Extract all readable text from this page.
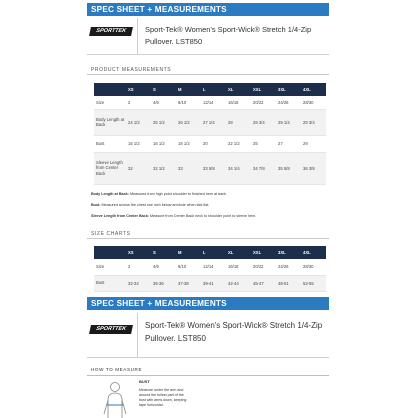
SPEC SHEET + MEASUREMENTS
SPORTTEK	Sport-Tek® Women's Sport-Wick® Stretch 1/4-Zip Pullover. LST850
PRODUCT MEASUREMENTS
	XS	S	M	L	XL	XXL	3XL	4XL
Size	2	4/6	8/10	12/14	16/18	20/22	24/26	28/30
Body Length at Back	24 1/2	25 1/2	26 1/2	27 1/4	28	28 3/4	29 1/4	29 3/4
Bust	15 1/2	16 1/2	18 1/2	20	22 1/2	25	27	29
Sleeve Length from Center Back	32	32 1/2	33	33 5/8	34 1/4	34 7/8	35 5/8	36 3/8

Body Length at Back: Measured from high point shoulder to finished hem at back.

Bust: Measured across the chest one inch below armhole when laid flat.

Sleeve Length from Center Back: Measure from Center Back neck to shoulder point to sleeve hem.

SIZE CHARTS
	XS	S	M	L	XL	XXL	3XL	4XL
Size	2	4/6	8/10	12/14	16/18	20/22	24/26	28/30
Bust	32-34	35-36	37-38	39-41	42-44	45-47	48-51	52-55
SPEC SHEET + MEASUREMENTS
SPORTTEK	Sport-Tek® Women's Sport-Wick® Stretch 1/4-Zip Pullover. LST850
HOW TO MEASURE
BUST
Measure under the arm and around the fullest part of the bust with arms down, keeping tape horizontal.
